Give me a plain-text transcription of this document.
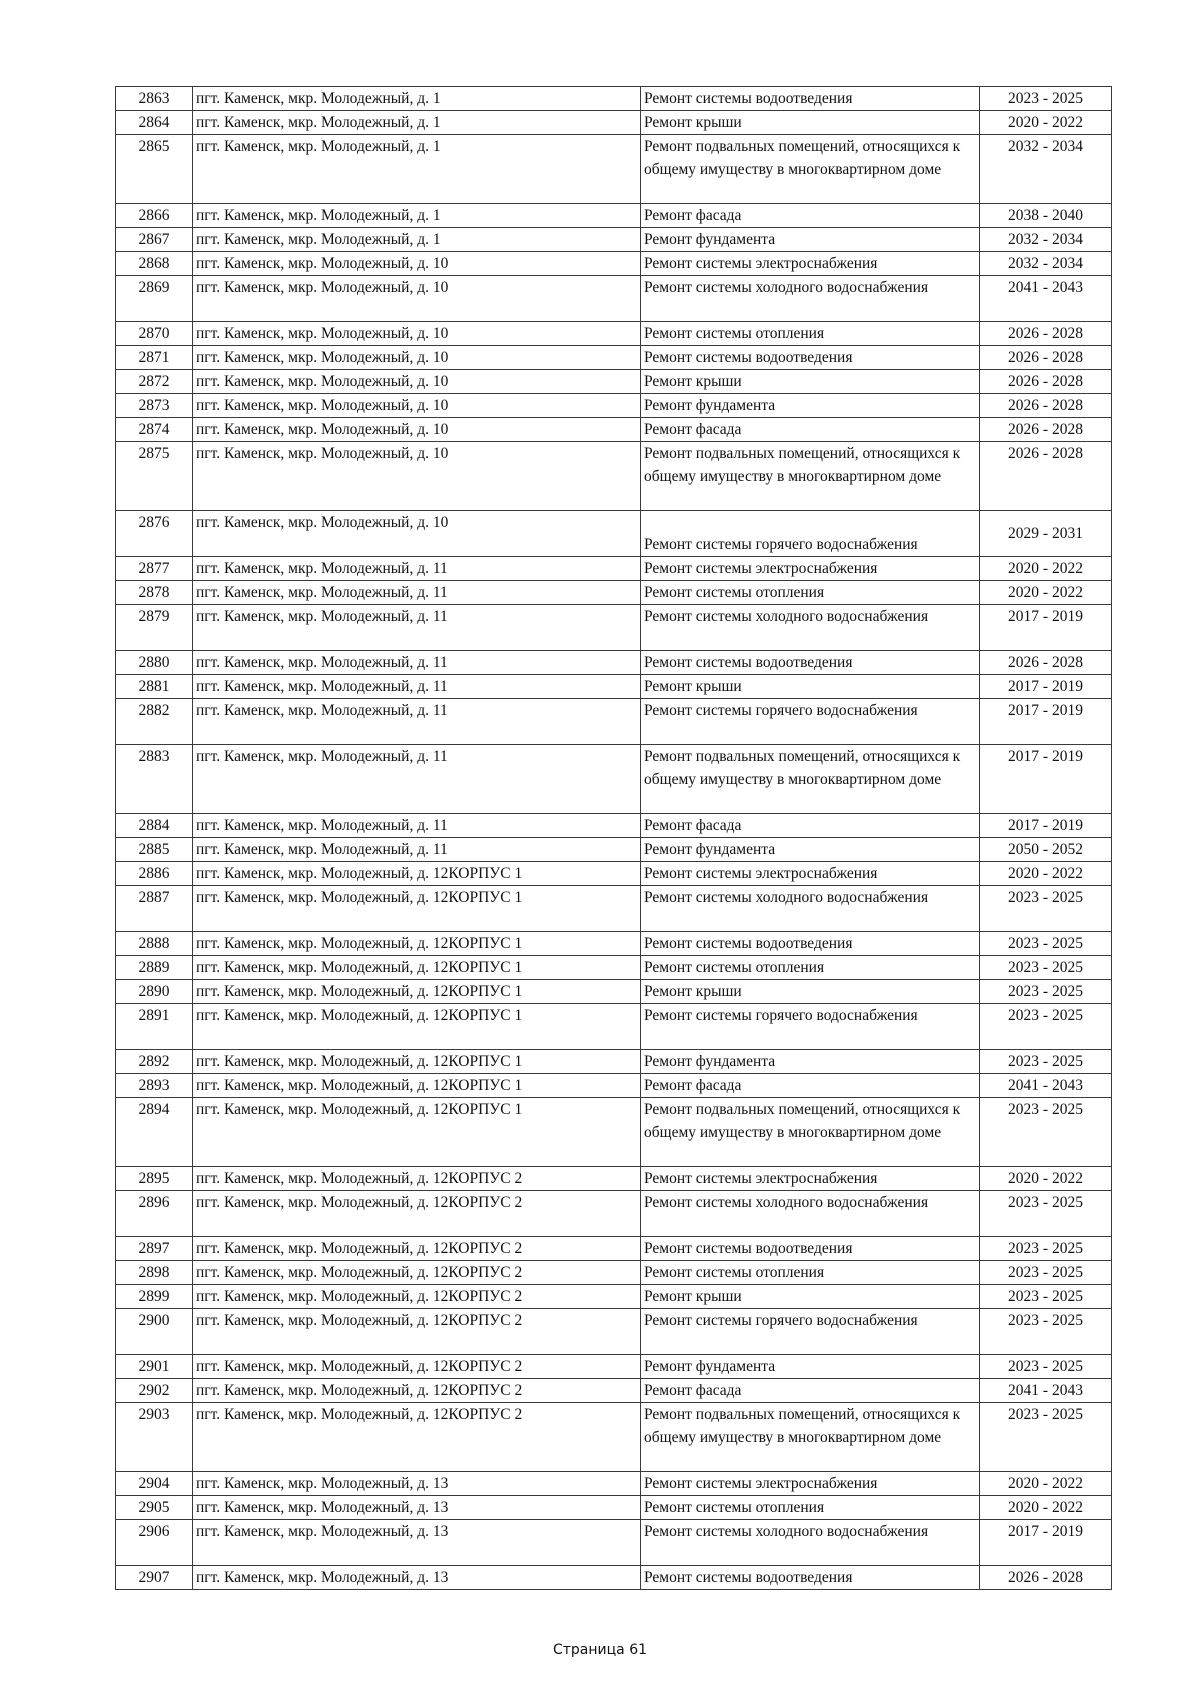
2863	пгт. Каменск, мкр. Молодежный, д. 1	Ремонт системы водоотведения	2023 - 2025
2864	пгт. Каменск, мкр. Молодежный, д. 1	Ремонт крыши	2020 - 2022
2865	пгт. Каменск, мкр. Молодежный, д. 1	Ремонт подвальных помещений, относящихся к общему имуществу в многоквартирном доме	2032 - 2034
2866	пгт. Каменск, мкр. Молодежный, д. 1	Ремонт фасада	2038 - 2040
2867	пгт. Каменск, мкр. Молодежный, д. 1	Ремонт фундамента	2032 - 2034
2868	пгт. Каменск, мкр. Молодежный, д. 10	Ремонт системы электроснабжения	2032 - 2034
2869	пгт. Каменск, мкр. Молодежный, д. 10	Ремонт системы холодного водоснабжения	2041 - 2043
2870	пгт. Каменск, мкр. Молодежный, д. 10	Ремонт системы отопления	2026 - 2028
2871	пгт. Каменск, мкр. Молодежный, д. 10	Ремонт системы водоотведения	2026 - 2028
2872	пгт. Каменск, мкр. Молодежный, д. 10	Ремонт крыши	2026 - 2028
2873	пгт. Каменск, мкр. Молодежный, д. 10	Ремонт фундамента	2026 - 2028
2874	пгт. Каменск, мкр. Молодежный, д. 10	Ремонт фасада	2026 - 2028
2875	пгт. Каменск, мкр. Молодежный, д. 10	Ремонт подвальных помещений, относящихся к общему имуществу в многоквартирном доме	2026 - 2028
2876	пгт. Каменск, мкр. Молодежный, д. 10	Ремонт системы горячего водоснабжения	2029 - 2031
2877	пгт. Каменск, мкр. Молодежный, д. 11	Ремонт системы электроснабжения	2020 - 2022
2878	пгт. Каменск, мкр. Молодежный, д. 11	Ремонт системы отопления	2020 - 2022
2879	пгт. Каменск, мкр. Молодежный, д. 11	Ремонт системы холодного водоснабжения	2017 - 2019
2880	пгт. Каменск, мкр. Молодежный, д. 11	Ремонт системы водоотведения	2026 - 2028
2881	пгт. Каменск, мкр. Молодежный, д. 11	Ремонт крыши	2017 - 2019
2882	пгт. Каменск, мкр. Молодежный, д. 11	Ремонт системы горячего водоснабжения	2017 - 2019
2883	пгт. Каменск, мкр. Молодежный, д. 11	Ремонт подвальных помещений, относящихся к общему имуществу в многоквартирном доме	2017 - 2019
2884	пгт. Каменск, мкр. Молодежный, д. 11	Ремонт фасада	2017 - 2019
2885	пгт. Каменск, мкр. Молодежный, д. 11	Ремонт фундамента	2050 - 2052
2886	пгт. Каменск, мкр. Молодежный, д. 12КОРПУС 1	Ремонт системы электроснабжения	2020 - 2022
2887	пгт. Каменск, мкр. Молодежный, д. 12КОРПУС 1	Ремонт системы холодного водоснабжения	2023 - 2025
2888	пгт. Каменск, мкр. Молодежный, д. 12КОРПУС 1	Ремонт системы водоотведения	2023 - 2025
2889	пгт. Каменск, мкр. Молодежный, д. 12КОРПУС 1	Ремонт системы отопления	2023 - 2025
2890	пгт. Каменск, мкр. Молодежный, д. 12КОРПУС 1	Ремонт крыши	2023 - 2025
2891	пгт. Каменск, мкр. Молодежный, д. 12КОРПУС 1	Ремонт системы горячего водоснабжения	2023 - 2025
2892	пгт. Каменск, мкр. Молодежный, д. 12КОРПУС 1	Ремонт фундамента	2023 - 2025
2893	пгт. Каменск, мкр. Молодежный, д. 12КОРПУС 1	Ремонт фасада	2041 - 2043
2894	пгт. Каменск, мкр. Молодежный, д. 12КОРПУС 1	Ремонт подвальных помещений, относящихся к общему имуществу в многоквартирном доме	2023 - 2025
2895	пгт. Каменск, мкр. Молодежный, д. 12КОРПУС 2	Ремонт системы электроснабжения	2020 - 2022
2896	пгт. Каменск, мкр. Молодежный, д. 12КОРПУС 2	Ремонт системы холодного водоснабжения	2023 - 2025
2897	пгт. Каменск, мкр. Молодежный, д. 12КОРПУС 2	Ремонт системы водоотведения	2023 - 2025
2898	пгт. Каменск, мкр. Молодежный, д. 12КОРПУС 2	Ремонт системы отопления	2023 - 2025
2899	пгт. Каменск, мкр. Молодежный, д. 12КОРПУС 2	Ремонт крыши	2023 - 2025
2900	пгт. Каменск, мкр. Молодежный, д. 12КОРПУС 2	Ремонт системы горячего водоснабжения	2023 - 2025
2901	пгт. Каменск, мкр. Молодежный, д. 12КОРПУС 2	Ремонт фундамента	2023 - 2025
2902	пгт. Каменск, мкр. Молодежный, д. 12КОРПУС 2	Ремонт фасада	2041 - 2043
2903	пгт. Каменск, мкр. Молодежный, д. 12КОРПУС 2	Ремонт подвальных помещений, относящихся к общему имуществу в многоквартирном доме	2023 - 2025
2904	пгт. Каменск, мкр. Молодежный, д. 13	Ремонт системы электроснабжения	2020 - 2022
2905	пгт. Каменск, мкр. Молодежный, д. 13	Ремонт системы отопления	2020 - 2022
2906	пгт. Каменск, мкр. Молодежный, д. 13	Ремонт системы холодного водоснабжения	2017 - 2019
2907	пгт. Каменск, мкр. Молодежный, д. 13	Ремонт системы водоотведения	2026 - 2028
Страница 61
